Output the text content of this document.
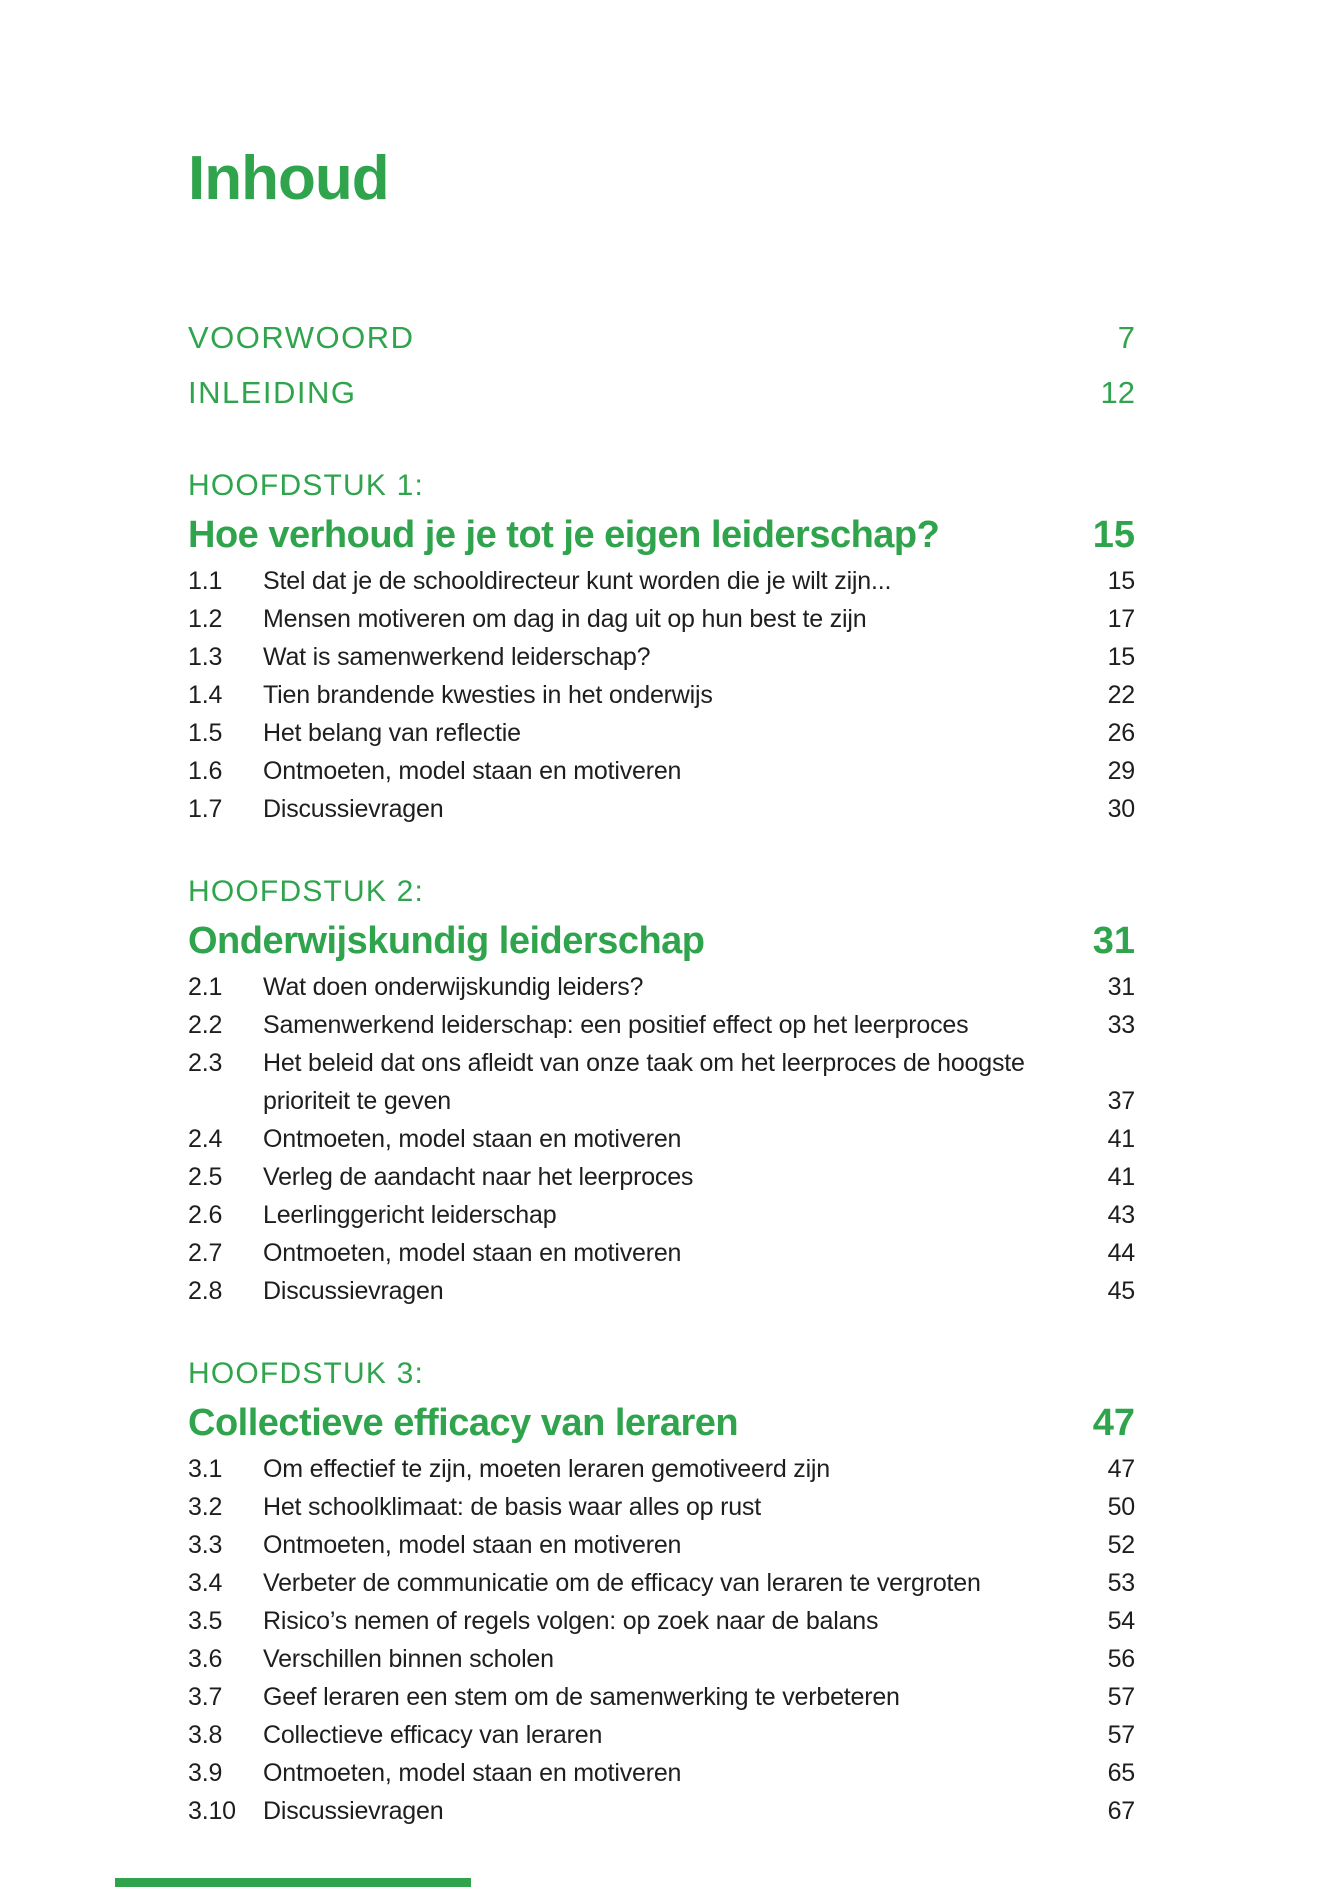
Inhoud
VOORWOORD	7
INLEIDING	12
HOOFDSTUK 1:
Hoe verhoud je je tot je eigen leiderschap?	15
1.1	Stel dat je de schooldirecteur kunt worden die je wilt zijn...	15
1.2	Mensen motiveren om dag in dag uit op hun best te zijn	17
1.3	Wat is samenwerkend leiderschap?	15
1.4	Tien brandende kwesties in het onderwijs	22
1.5	Het belang van reflectie	26
1.6	Ontmoeten, model staan en motiveren	29
1.7	Discussievragen	30
HOOFDSTUK 2:
Onderwijskundig leiderschap	31
2.1	Wat doen onderwijskundig leiders?	31
2.2	Samenwerkend leiderschap: een positief effect op het leerproces	33
2.3	Het beleid dat ons afleidt van onze taak om het leerproces de hoogste prioriteit te geven	37
2.4	Ontmoeten, model staan en motiveren	41
2.5	Verleg de aandacht naar het leerproces	41
2.6	Leerlinggericht leiderschap	43
2.7	Ontmoeten, model staan en motiveren	44
2.8	Discussievragen	45
HOOFDSTUK 3:
Collectieve efficacy van leraren	47
3.1	Om effectief te zijn, moeten leraren gemotiveerd zijn	47
3.2	Het schoolklimaat: de basis waar alles op rust	50
3.3	Ontmoeten, model staan en motiveren	52
3.4	Verbeter de communicatie om de efficacy van leraren te vergroten	53
3.5	Risico’s nemen of regels volgen: op zoek naar de balans	54
3.6	Verschillen binnen scholen	56
3.7	Geef leraren een stem om de samenwerking te verbeteren	57
3.8	Collectieve efficacy van leraren	57
3.9	Ontmoeten, model staan en motiveren	65
3.10	Discussievragen	67
